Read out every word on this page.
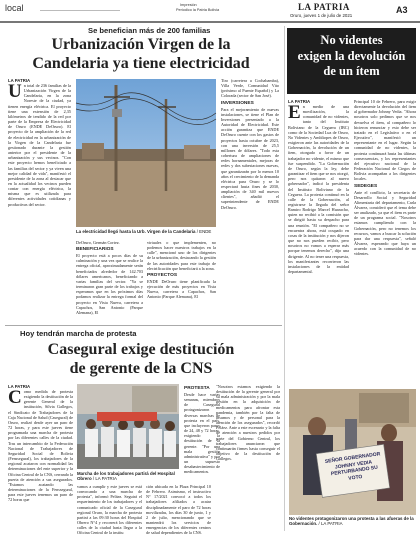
local	Impresión
Periodico la Patria Bolivia	LA PATRIA
Oruro, jueves 1 de julio de 2021
A3
Se benefician más de 200 familias
Urbanización Virgen de la
Candelaria ya tiene electricidad
LA PATRIA

Un total de 236 familias de la Urbanización Virgen de la Candelaria, en la zona Noreste de la ciudad, ya tienen energía eléctrica. El proyecto tiene una extensión de 2,35 kilómetros de tendido de la red por parte de la Empresa de Electricidad de Oruro (ENDE DeOruro). El proyecto de la ampliación de la red de electricidad en la urbanización de la Virgen de la Candelaria fue gestionado durante la gestión anterior por el presidente de la urbanización y sus vecinos. "Con este proyecto hemos beneficiado a las familias del sector y ya viven una mejor calidad de vida", manifestó el presidente de la zona al destacar que en la actualidad los vecinos pueden contar con energía eléctrica, la misma que es utilizada para diferentes actividades cotidianas y productivas del sector.

La electricidad llegó hasta la Urb. Virgen de la Candelaria / ENDE

DeOruro, Germán Cortez.

BENEFICIARIOS

El proyecto está a pocos días de su culminación y una vez que se realice la entrega oficial, aproximadamente serán beneficiados alrededor de 142.703 dólares americanos, beneficiando a varias familias del sector. "Ya se terminaron gran parte de los trabajos y esperamos que en los próximos días podamos realizar la entrega formal del proyecto en Vista Nueva, carretera a Capachos, San Antonio (Parque Alemana), El

virtuales o que implementen, no podemos hacer nuestros trabajos en la calle", mencionó uno de los dirigentes de la urbanización, destacando la gestión de las autoridades para este trabajo de electrificación que beneficiará a la zona.

PROYECTOS

ENDE DeOruro tiene planificada la ejecución de más proyectos en Vista Nueva, carretera a Capachos, San Antonio (Parque Alemana), El

Tiro (carretera a Cochabamba), Villa Verde, Comunidad Vito (próximo al Puente Español) y La Colorada (sector de San José).

INVERSIONES

Para el mejoramiento de nuevas instalaciones, se tiene el Plan de Inversiones presentado a la Autoridad de Electricidad. Este acción garantiza que ENDE DeOruro cuente con los gastos de proyectos hasta octubre de 2023, con una inversión de 25,5 millones de dólares. "Todo esta cobertura de ampliaciones de redes hornamentales, mejoras de redes y dos subestaciones nuevas, que garantizarán por lo menos 10 años el crecimiento de la demanda eléctrica para Oruro y se lo respectará hasta fines de 2030, ampliación de 340 mil nuevos clientes", añadió el superintendente de ENDE DeOruro.

No videntes
exigen la devolución
de un ítem
LA PATRIA

En medio de una movilización, la comunidad de no videntes, tanto del Instituto Boliviano de la Ceguera (IBC) como de la Sociedad Luz de Oruro, No Videntes y Ambliopes de Oruro, exigieron ante las autoridades de la Gobernación, la devolución de un ítem, otorgado a favor de un trabajador no vidente, el mismo que fue suspendido. "La Gobernación de Oruro, según la ley, debe garantizar el ítem que se nos otorgó, pero nos quitaron al nuevo gobernador", indicó la presidenta del Instituto Boliviano de la Ceguera. La protesta continuó en la calle de la Gobernación, al registrarse la llegada del señor Ramiro Rodrigo Marcel Huaracho, quien no recibió a la comisión que se dirigió hasta su despacho para una reunión. "El compañero no se encuentra ahora, está ocupado en cosas de la institución y nos dijeron que no nos pueden recibir, pero nosotros no vamos a esperar más porque tenemos derecho", dijo una dirigente. Al no tener una respuesta, los manifestantes recorrieron las instalaciones de la entidad departamental.

Principal 10 de Febrero, para exigir directamente la devolución del ítem al gobernador Johnny Vedia. "Ahora nosotros solo pedimos que se nos devuelva el ítem, al compañero lo hicieron renunciar y esto debe ser tratado en el Legislativo o en el Ejecutivo", manifestó un representante en el lugar. Según la comunidad de no videntes, la protesta continuará hasta las últimas consecuencias, y los representantes del ejecutivo nacional de la Federación Nacional de Ciegos de Bolivia acompañan a los dirigentes locales.

SEDEGES

Ante el conflicto, la secretaria de Desarrollo Social y Seguridad Alimentaria del departamento, Carla Álvarez, consideró que el tema debe ser analizado, ya que el ítem es parte de un programa social. "Nosotros estamos cumpliendo con la Gobernación, pero no tenemos los recursos, vamos a buscar la solución para dar una respuesta", señaló Álvarez, esperando que haya un acuerdo con la comunidad de no videntes.

SEÑOR GOBERNADOR JOHNNY VEDIA PERTURBANDO SU VOTO
No videntes protagonizaron una protesta a las afueras de la Gobernación. / LA PATRIA
Hoy tendrán marcha de protesta
Casegural exige destitución
de gerente de la CNS
LA PATRIA

Como medida de protesta exigiendo la destitución de la gerente General de la institución, Silvia Gallegos, el Sindicato de Trabajadores de la Caja Nacional de Salud (Casegural) de Oruro, realizó desde ayer un paro de 72 horas, y para este jueves tiene programada una marcha de protesta por las diferentes calles de la ciudad. Tras un intercambio de la Federación Nacional de Trabajadores de Seguridad Social de Bolivia (Fenssegural), los trabajadores de la regional acataron con normalidad las determinaciones del ente superior y la Oficina Central de la CNS, cerrando la puerta de atención a sus asegurados. "Estamos acatando las determinaciones de la Fenssegural, para este jueves tenemos un paro de 72 horas que

Marcha de los trabajadores partirá del Hospital Obrero / LA PATRIA

vamos a cumplir y este jueves se está convocando a una marcha de protesta", informó Peláez. Seguirá el requerimiento de los trabajadores y el comunicado oficial de la Casegural regional Oruro, la marcha de protesta partirá a las 09:30 horas del Hospital Obrero N°4 y recorrerá los diferentes calles de la ciudad hasta llegar a la Oficina Central de la institu

ción ubicada en la Plaza Principal 10 de Febrero. Asimismo, el instructivo N° 17/2021 convocó a todos los trabajadores afiliados a acatar disciplinadamente el paro de 72 horas movilizadas, los días 30 de junio, 1 y 2 de julio, mencionando que se mantendrá los servicios de emergencias de los diferentes centros de salud dependientes de la CNS.

PROTESTA

Desde hace varias semanas, miembros de Casegural protagonizaron diversas marchas de protesta en el país, que incluyeron paros de 24, 48 y 72 horas, exigiendo la destitución de la gerente. "Por una mala gestión administrativa" y por un supuesto desabastecimiento de medicamentos.

"Nosotros estamos exigiendo la destitución de la gerente general por su mala administración y por la mala gestión en la adquisición de medicamentos para afrontar esta pandemia, también por la falta de insumos y de personal para la atención de los asegurados", recordó Peláez. Ante a este escenario y la falta de atención a nuestros pedidos por parte del Gobierno Central, los trabajadores anunciaron que continuarán firmes hasta conseguir el objetivo de la destitución de Gallegos.
